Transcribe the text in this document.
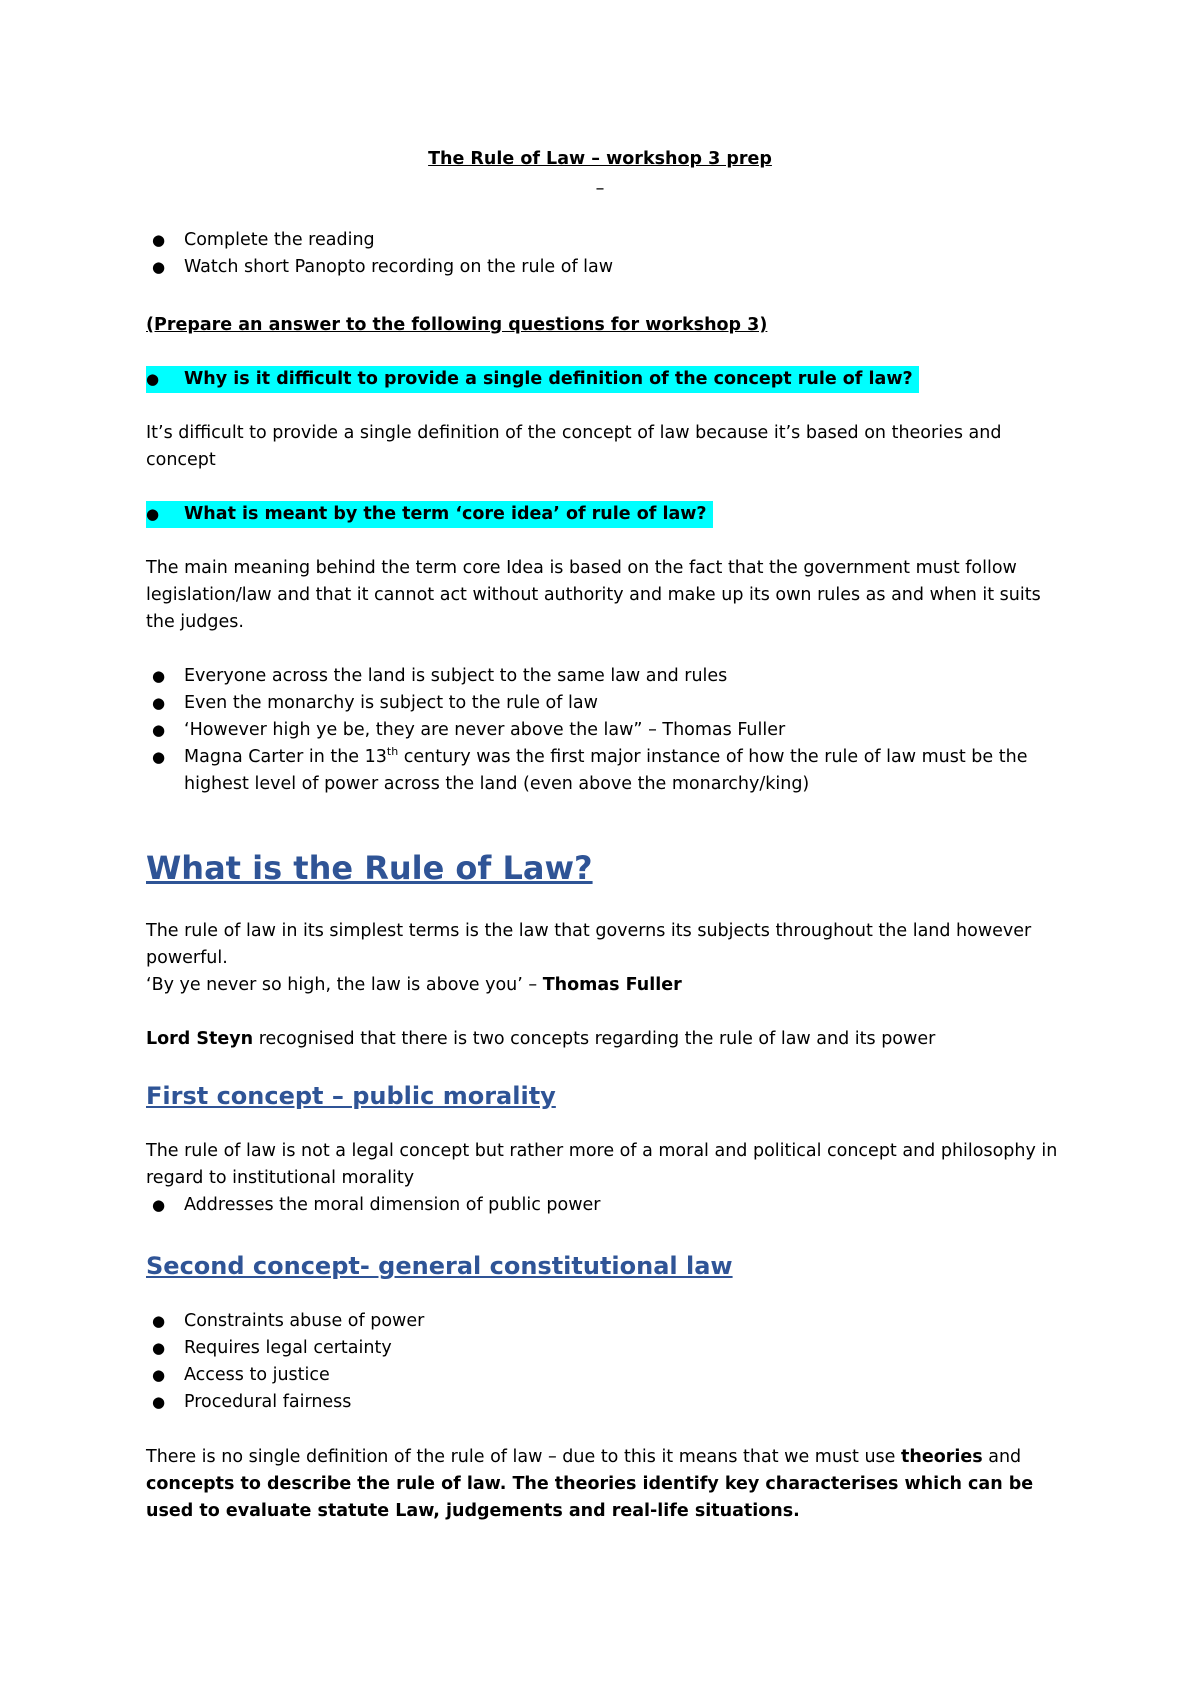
The Rule of Law – workshop 3 prep
–
● Complete the reading
● Watch short Panopto recording on the rule of law

(Prepare an answer to the following questions for workshop 3)

● Why is it difficult to provide a single definition of the concept rule of law?

It’s difficult to provide a single definition of the concept of law because it’s based on theories and concept

● What is meant by the term ‘core idea’ of rule of law?

The main meaning behind the term core Idea is based on the fact that the government must follow legislation/law and that it cannot act without authority and make up its own rules as and when it suits the judges.

● Everyone across the land is subject to the same law and rules
● Even the monarchy is subject to the rule of law
● ‘However high ye be, they are never above the law” – Thomas Fuller
● Magna Carter in the 13th century was the first major instance of how the rule of law must be the highest level of power across the land (even above the monarchy/king)
What is the Rule of Law?

The rule of law in its simplest terms is the law that governs its subjects throughout the land however powerful.

‘By ye never so high, the law is above you’ – Thomas Fuller

Lord Steyn recognised that there is two concepts regarding the rule of law and its power

First concept – public morality

The rule of law is not a legal concept but rather more of a moral and political concept and philosophy in regard to institutional morality

● Addresses the moral dimension of public power
Second concept- general constitutional law
● Constraints abuse of power
● Requires legal certainty
● Access to justice
● Procedural fairness

There is no single definition of the rule of law – due to this it means that we must use theories and concepts to describe the rule of law. The theories identify key characterises which can be used to evaluate statute Law, judgements and real-life situations.
